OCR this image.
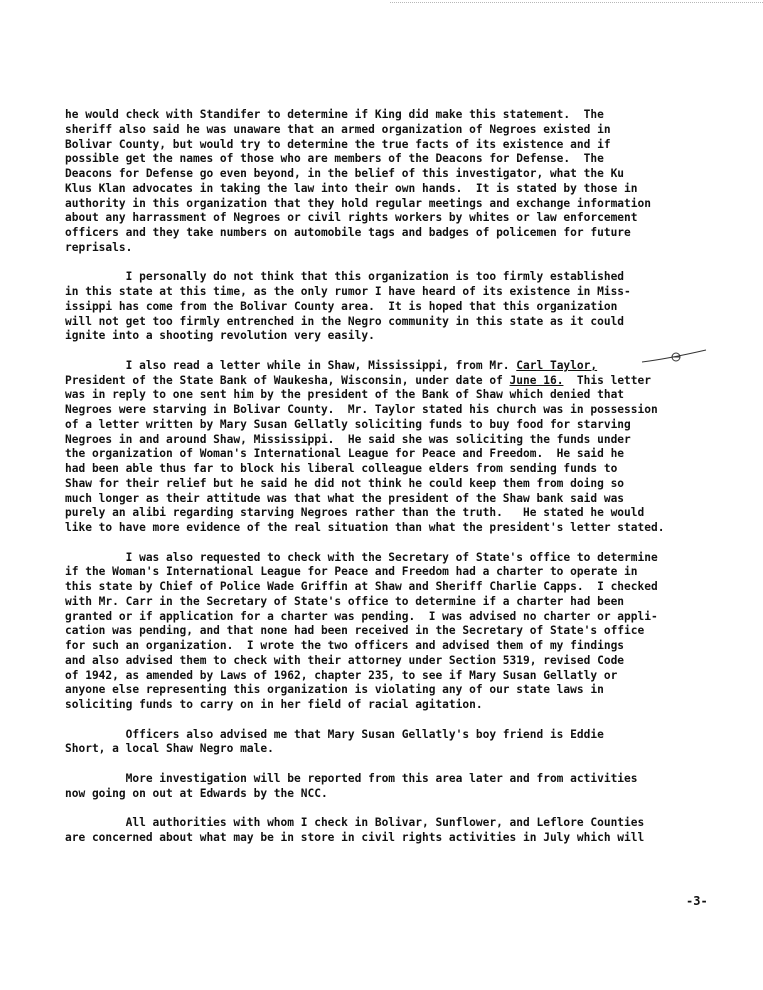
he would check with Standifer to determine if King did make this statement.  The
sheriff also said he was unaware that an armed organization of Negroes existed in
Bolivar County, but would try to determine the true facts of its existence and if
possible get the names of those who are members of the Deacons for Defense.  The
Deacons for Defense go even beyond, in the belief of this investigator, what the Ku
Klus Klan advocates in taking the law into their own hands.  It is stated by those in
authority in this organization that they hold regular meetings and exchange information
about any harrassment of Negroes or civil rights workers by whites or law enforcement
officers and they take numbers on automobile tags and badges of policemen for future
reprisals.
I personally do not think that this organization is too firmly established
in this state at this time, as the only rumor I have heard of its existence in Miss-
issippi has come from the Bolivar County area.  It is hoped that this organization
will not get too firmly entrenched in the Negro community in this state as it could
ignite into a shooting revolution very easily.
I also read a letter while in Shaw, Mississippi, from Mr. Carl Taylor,
President of the State Bank of Waukesha, Wisconsin, under date of June 16.  This letter
was in reply to one sent him by the president of the Bank of Shaw which denied that
Negroes were starving in Bolivar County.  Mr. Taylor stated his church was in possession
of a letter written by Mary Susan Gellatly soliciting funds to buy food for starving
Negroes in and around Shaw, Mississippi.  He said she was soliciting the funds under
the organization of Woman's International League for Peace and Freedom.  He said he
had been able thus far to block his liberal colleague elders from sending funds to
Shaw for their relief but he said he did not think he could keep them from doing so
much longer as their attitude was that what the president of the Shaw bank said was
purely an alibi regarding starving Negroes rather than the truth.   He stated he would
like to have more evidence of the real situation than what the president's letter stated.
I was also requested to check with the Secretary of State's office to determine
if the Woman's International League for Peace and Freedom had a charter to operate in
this state by Chief of Police Wade Griffin at Shaw and Sheriff Charlie Capps.  I checked
with Mr. Carr in the Secretary of State's office to determine if a charter had been
granted or if application for a charter was pending.  I was advised no charter or appli-
cation was pending, and that none had been received in the Secretary of State's office
for such an organization.  I wrote the two officers and advised them of my findings
and also advised them to check with their attorney under Section 5319, revised Code
of 1942, as amended by Laws of 1962, chapter 235, to see if Mary Susan Gellatly or
anyone else representing this organization is violating any of our state laws in
soliciting funds to carry on in her field of racial agitation.
Officers also advised me that Mary Susan Gellatly's boy friend is Eddie
Short, a local Shaw Negro male.
More investigation will be reported from this area later and from activities
now going on out at Edwards by the NCC.
All authorities with whom I check in Bolivar, Sunflower, and Leflore Counties
are concerned about what may be in store in civil rights activities in July which will
-3-
